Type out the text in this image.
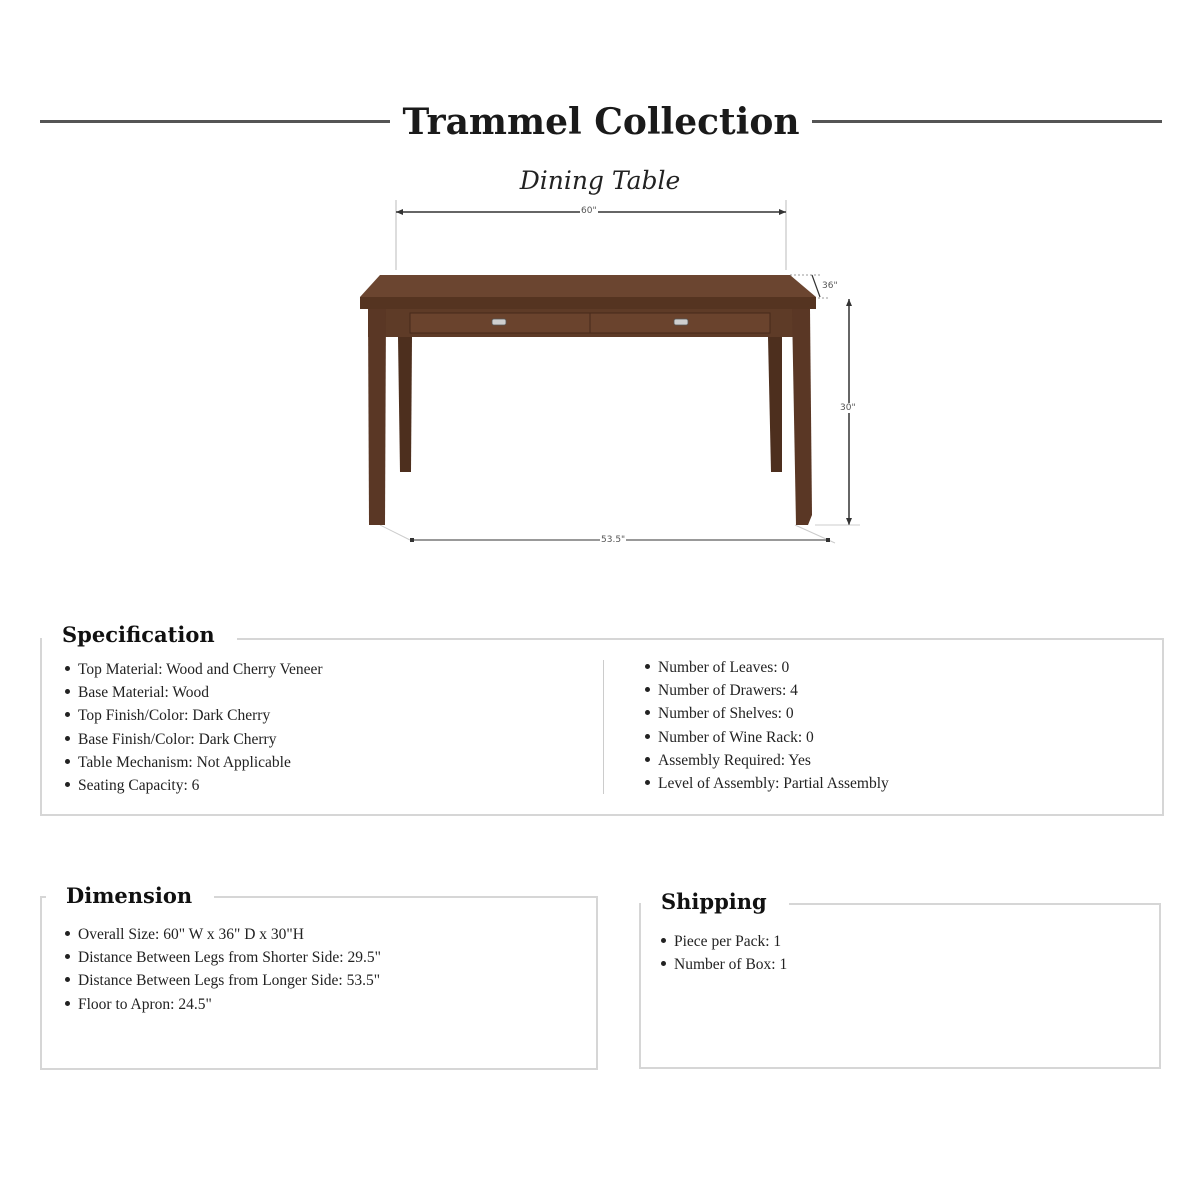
Trammel Collection
Dining Table
60"
36"
30"
53.5"
Specification
Top Material: Wood and Cherry Veneer
Base Material: Wood
Top Finish/Color: Dark Cherry
Base Finish/Color: Dark Cherry
Table Mechanism: Not Applicable
Seating Capacity: 6
Number of Leaves: 0
Number of Drawers: 4
Number of Shelves: 0
Number of Wine Rack: 0
Assembly Required: Yes
Level of Assembly: Partial Assembly
Dimension
Overall Size: 60" W x 36" D x 30"H
Distance Between Legs from Shorter Side: 29.5"
Distance Between Legs from Longer Side: 53.5"
Floor to Apron: 24.5"
Shipping
Piece per Pack: 1
Number of Box: 1
